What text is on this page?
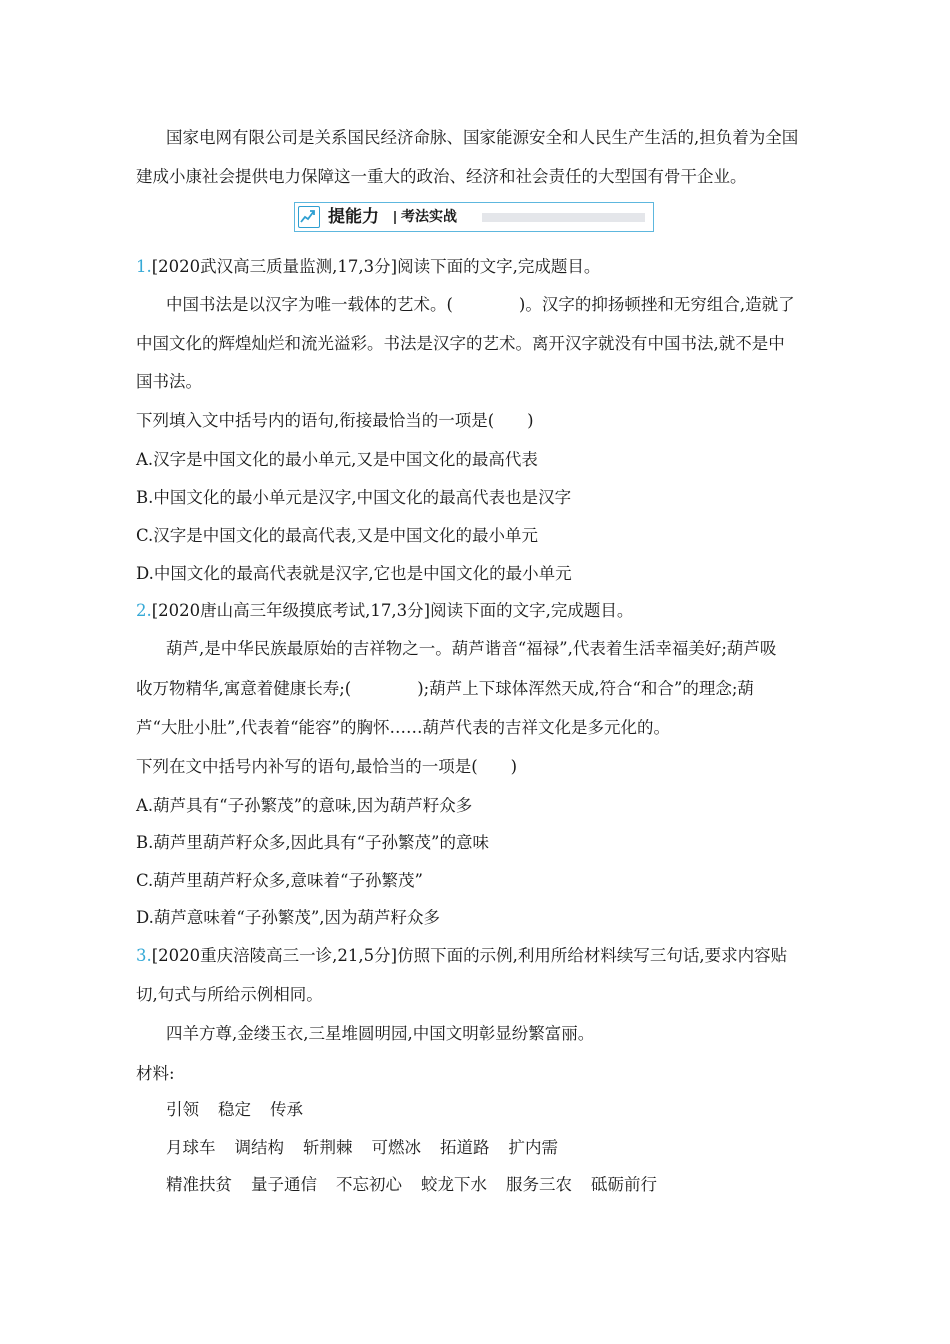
国家电网有限公司是关系国民经济命脉、国家能源安全和人民生产生活的,担负着为全国
建成小康社会提供电力保障这一重大的政治、经济和社会责任的大型国有骨干企业。
提能力 考法实战
1.[2020武汉高三质量监测,17,3分]阅读下面的文字,完成题目。
中国书法是以汉字为唯一载体的艺术。(　　　　)。汉字的抑扬顿挫和无穷组合,造就了
中国文化的辉煌灿烂和流光溢彩。书法是汉字的艺术。离开汉字就没有中国书法,就不是中
国书法。
下列填入文中括号内的语句,衔接最恰当的一项是(　　)
A.汉字是中国文化的最小单元,又是中国文化的最高代表
B.中国文化的最小单元是汉字,中国文化的最高代表也是汉字
C.汉字是中国文化的最高代表,又是中国文化的最小单元
D.中国文化的最高代表就是汉字,它也是中国文化的最小单元
2.[2020唐山高三年级摸底考试,17,3分]阅读下面的文字,完成题目。
葫芦,是中华民族最原始的吉祥物之一。葫芦谐音“福禄”,代表着生活幸福美好;葫芦吸
收万物精华,寓意着健康长寿;(　　　　);葫芦上下球体浑然天成,符合“和合”的理念;葫
芦“大肚小肚”,代表着“能容”的胸怀……葫芦代表的吉祥文化是多元化的。
下列在文中括号内补写的语句,最恰当的一项是(　　)
A.葫芦具有“子孙繁茂”的意味,因为葫芦籽众多
B.葫芦里葫芦籽众多,因此具有“子孙繁茂”的意味
C.葫芦里葫芦籽众多,意味着“子孙繁茂”
D.葫芦意味着“子孙繁茂”,因为葫芦籽众多
3.[2020重庆涪陵高三一诊,21,5分]仿照下面的示例,利用所给材料续写三句话,要求内容贴
切,句式与所给示例相同。
四羊方尊,金缕玉衣,三星堆圆明园,中国文明彰显纷繁富丽。
材料:
引领 稳定 传承
月球车 调结构 斩荆棘 可燃冰 拓道路 扩内需
精准扶贫 量子通信 不忘初心 蛟龙下水 服务三农 砥砺前行
